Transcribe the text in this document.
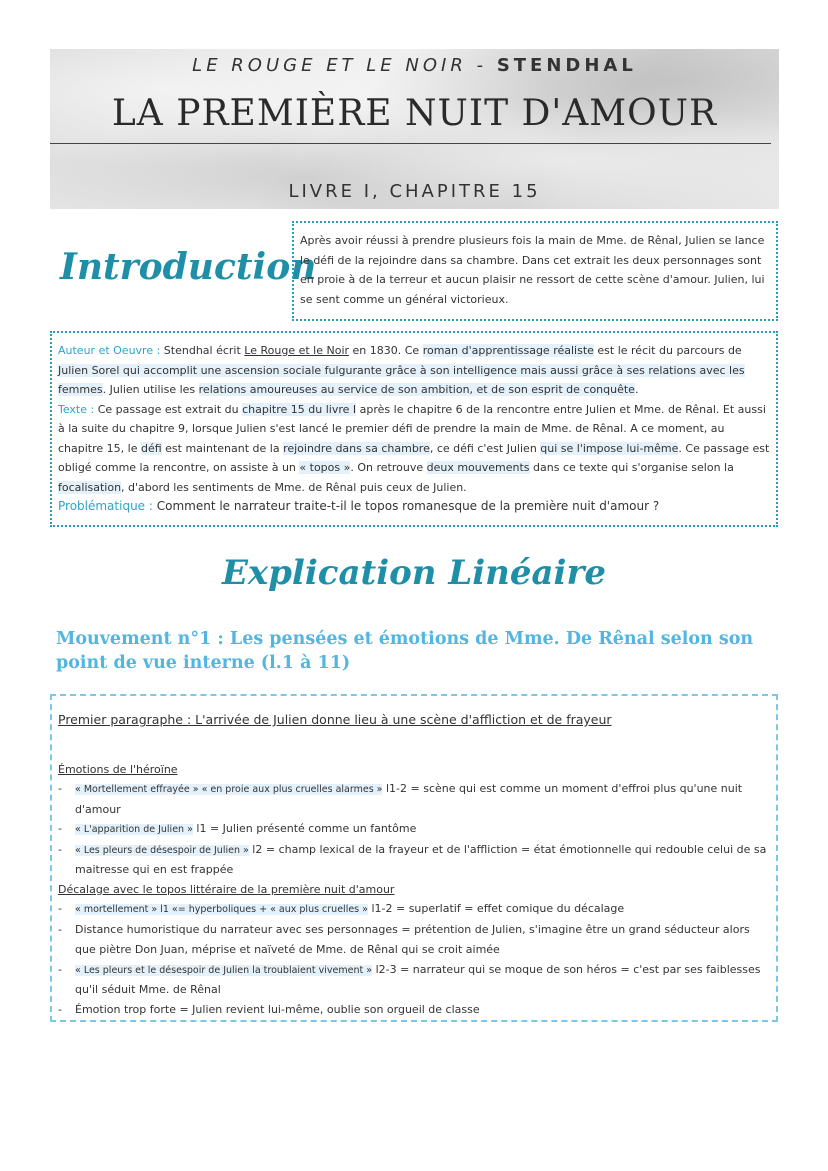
LE ROUGE ET LE NOIR - STENDHAL
LA PREMIÈRE NUIT D'AMOUR
LIVRE I, CHAPITRE 15
Introduction
Après avoir réussi à prendre plusieurs fois la main de Mme. de Rênal, Julien se lance le défi de la rejoindre dans sa chambre. Dans cet extrait les deux personnages sont en proie à de la terreur et aucun plaisir ne ressort de cette scène d'amour. Julien, lui se sent comme un général victorieux.
Auteur et Oeuvre : Stendhal écrit Le Rouge et le Noir en 1830. Ce roman d'apprentissage réaliste est le récit du parcours de Julien Sorel qui accomplit une ascension sociale fulgurante grâce à son intelligence mais aussi grâce à ses relations avec les femmes. Julien utilise les relations amoureuses au service de son ambition, et de son esprit de conquête.
Texte : Ce passage est extrait du chapitre 15 du livre I après le chapitre 6 de la rencontre entre Julien et Mme. de Rênal. Et aussi à la suite du chapitre 9, lorsque Julien s'est lancé le premier défi de prendre la main de Mme. de Rênal. A ce moment, au chapitre 15, le défi est maintenant de la rejoindre dans sa chambre, ce défi c'est Julien qui se l'impose lui-même. Ce passage est obligé comme la rencontre, on assiste à un « topos ». On retrouve deux mouvements dans ce texte qui s'organise selon la focalisation, d'abord les sentiments de Mme. de Rênal puis ceux de Julien.
Problématique : Comment le narrateur traite-t-il le topos romanesque de la première nuit d'amour ?
Explication Linéaire
Mouvement n°1 : Les pensées et émotions de Mme. De Rênal selon son point de vue interne (l.1 à 11)
Premier paragraphe : L'arrivée de Julien donne lieu à une scène d'affliction et de frayeur
Émotions de l'héroïne
- « Mortellement effrayée » « en proie aux plus cruelles alarmes » l1-2 = scène qui est comme un moment d'effroi plus qu'une nuit d'amour
- « L'apparition de Julien » l1 = Julien présenté comme un fantôme
- « Les pleurs de désespoir de Julien » l2 = champ lexical de la frayeur et de l'affliction = état émotionnelle qui redouble celui de sa maitresse qui en est frappée
Décalage avec le topos littéraire de la première nuit d'amour
- « mortellement » l1 «= hyperboliques + « aux plus cruelles » l1-2 = superlatif = effet comique du décalage
- Distance humoristique du narrateur avec ses personnages = prétention de Julien, s'imagine être un grand séducteur alors que piètre Don Juan, méprise et naïveté de Mme. de Rênal qui se croit aimée
- « Les pleurs et le désespoir de Julien la troublaient vivement » l2-3 = narrateur qui se moque de son héros = c'est par ses faiblesses qu'il séduit Mme. de Rênal
- Émotion trop forte = Julien revient lui-même, oublie son orgueil de classe
